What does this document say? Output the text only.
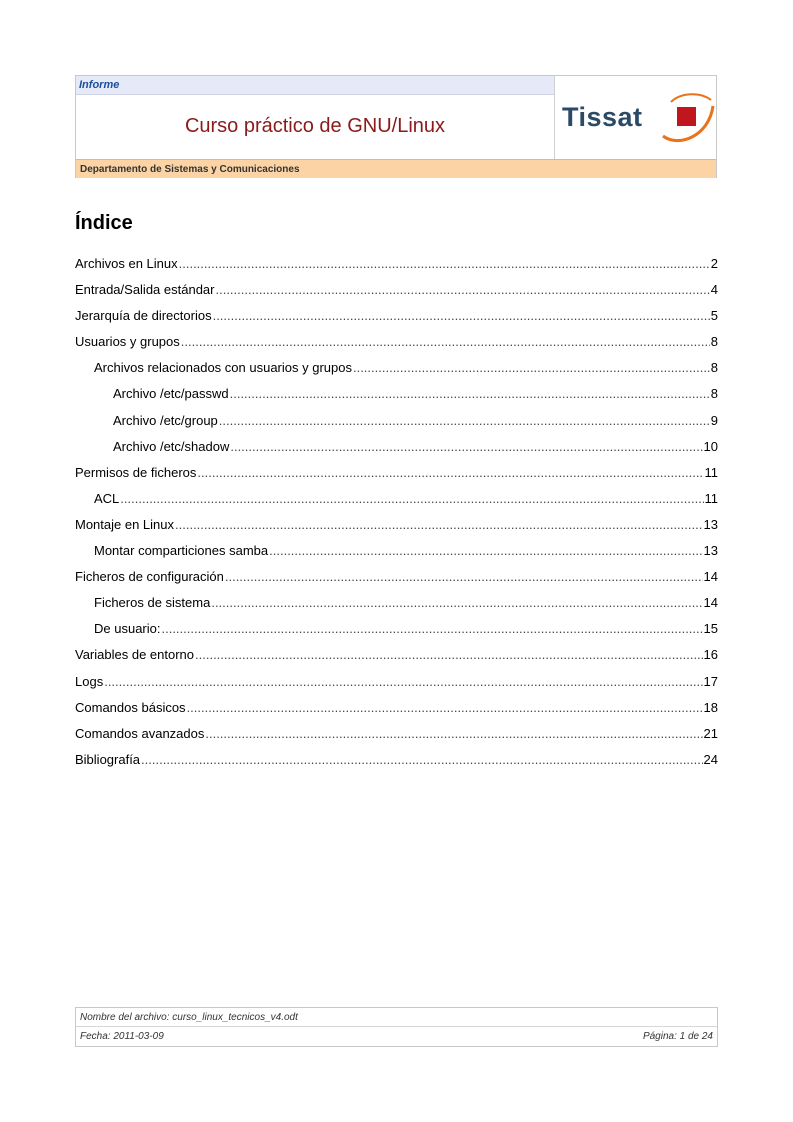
Informe
Curso práctico de GNU/Linux	Tissat
Departamento de Sistemas y Comunicaciones
Índice
Archivos en Linux .....	2
Entrada/Salida estándar .....	4
Jerarquía de directorios .....	5
Usuarios y grupos .....	8
Archivos relacionados con usuarios y grupos .....	8
Archivo /etc/passwd .....	8
Archivo /etc/group .....	9
Archivo /etc/shadow .....	10
Permisos de ficheros .....	11
ACL .....	11
Montaje en Linux .....	13
Montar comparticiones samba .....	13
Ficheros de configuración .....	14
Ficheros de sistema .....	14
De usuario: .....	15
Variables de entorno .....	16
Logs .....	17
Comandos básicos .....	18
Comandos avanzados .....	21
Bibliografía .....	24
Nombre del archivo: curso_linux_tecnicos_v4.odt
Fecha: 2011-03-09	Página: 1 de 24
